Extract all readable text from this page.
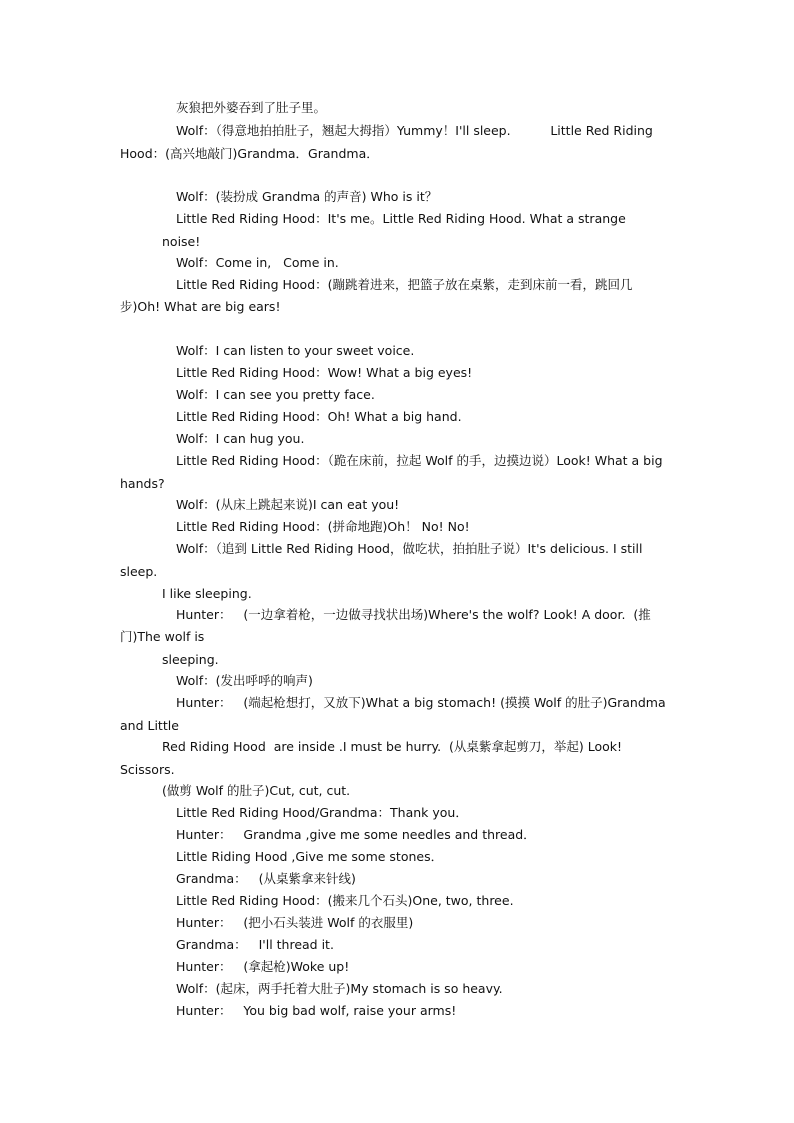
灰狼把外婆吞到了肚子里。
Wolf：（得意地拍拍肚子，翘起大拇指）Yummy！I'll sleep.          Little Red Riding
Hood：(高兴地敲门)Grandma．Grandma．
Wolf：(装扮成 Grandma 的声音) Who is it？
Little Red Riding Hood：It's me。Little Red Riding Hood. What a strange
noise!
Wolf：Come in,   Come in.
Little Red Riding Hood：(蹦跳着进来，把篮子放在桌紫，走到床前一看，跳回几
步)Oh! What are big ears!
Wolf：I can listen to your sweet voice.
Little Red Riding Hood：Wow! What a big eyes!
Wolf：I can see you pretty face.
Little Red Riding Hood：Oh! What a big hand.
Wolf：I can hug you.
Little Red Riding Hood：（跪在床前，拉起 Wolf 的手，边摸边说）Look! What a big
hands?
Wolf：(从床上跳起来说)I can eat you!
Little Red Riding Hood：(拼命地跑)Oh！ No! No!
Wolf：（追到 Little Red Riding Hood，做吃状，拍拍肚子说）It's delicious. I still
sleep.
I like sleeping.
Hunter：   (一边拿着枪，一边做寻找状出场)Where's the wolf? Look! A door.  (推
门)The wolf is
sleeping.
Wolf：(发出呼呼的响声)
Hunter：   (端起枪想打，又放下)What a big stomach! (摸摸 Wolf 的肚子)Grandma
and Little
Red Riding Hood  are inside .I must be hurry.  (从桌紫拿起剪刀，举起) Look!
Scissors.
(做剪 Wolf 的肚子)Cut, cut, cut.
Little Red Riding Hood/Grandma：Thank you．
Hunter：   Grandma ,give me some needles and thread．
Little Riding Hood ,Give me some stones．
Grandma：   (从桌紫拿来针线)
Little Red Riding Hood：(搬来几个石头)One, two, three.
Hunter：   (把小石头装进 Wolf 的衣服里)
Grandma：   I'll thread it.
Hunter：   (拿起枪)Woke up!
Wolf：(起床，两手托着大肚子)My stomach is so heavy.
Hunter：   You big bad wolf, raise your arms!
